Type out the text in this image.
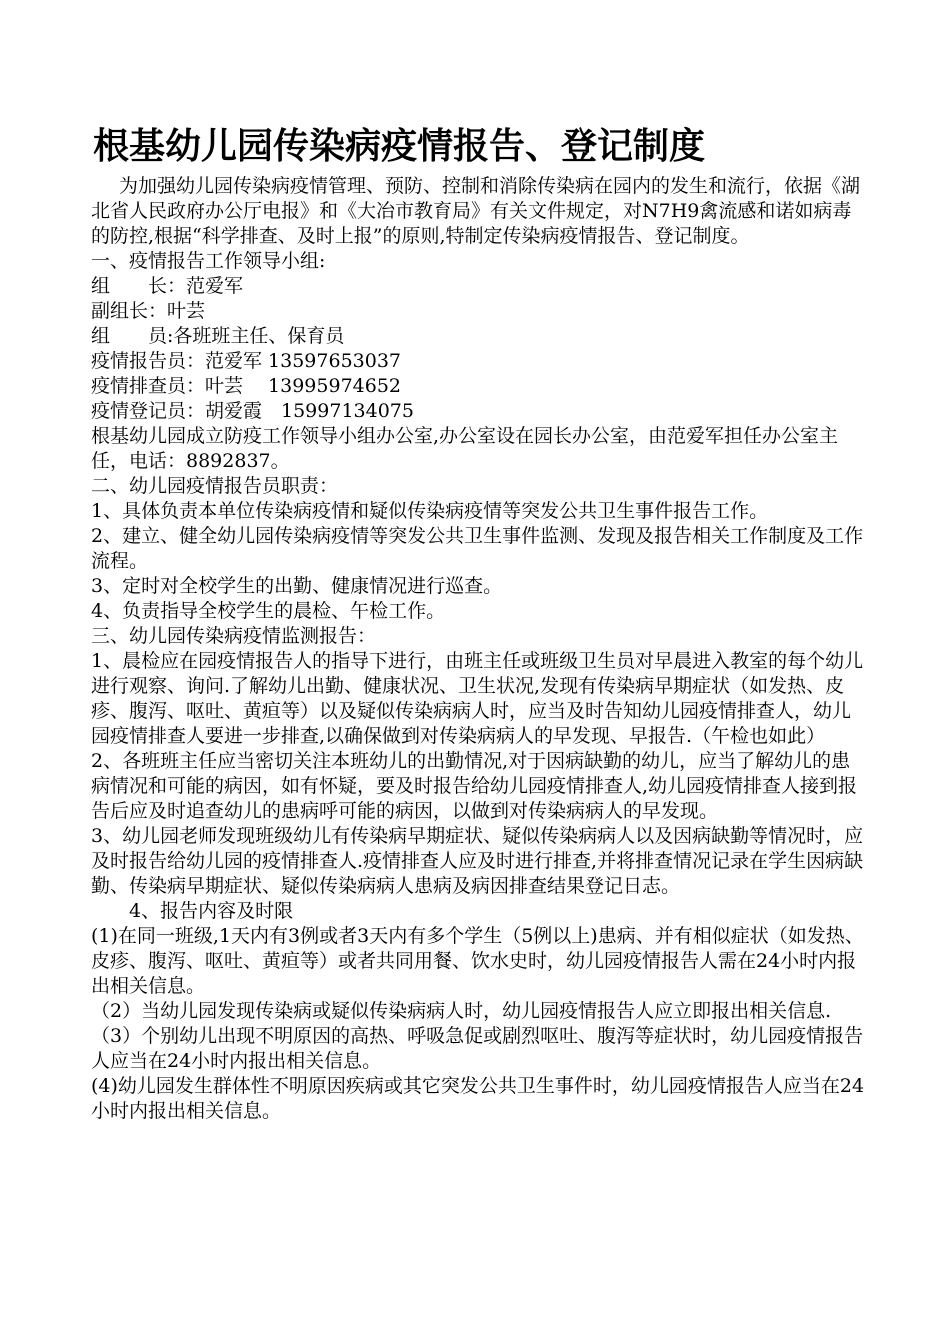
根基幼儿园传染病疫情报告、登记制度

为加强幼儿园传染病疫情管理、预防、控制和消除传染病在园内的发生和流行，依据《湖北省人民政府办公厅电报》和《大冶市教育局》有关文件规定，对N7H9禽流感和诺如病毒的防控,根据“科学排查、及时上报”的原则,特制定传染病疫情报告、登记制度。

一、疫情报告工作领导小组:

组　　长：范爱军

副组长：叶芸

组　　员:各班班主任、保育员

疫情报告员：范爱军 13597653037

疫情排查员：叶芸　 13995974652

疫情登记员：胡爱霞　15997134075

根基幼儿园成立防疫工作领导小组办公室,办公室设在园长办公室，由范爱军担任办公室主任，电话：8892837。

二、幼儿园疫情报告员职责：

1、具体负责本单位传染病疫情和疑似传染病疫情等突发公共卫生事件报告工作。

2、建立、健全幼儿园传染病疫情等突发公共卫生事件监测、发现及报告相关工作制度及工作流程。

3、定时对全校学生的出勤、健康情况进行巡查。

4、负责指导全校学生的晨检、午检工作。

三、幼儿园传染病疫情监测报告：

1、晨检应在园疫情报告人的指导下进行，由班主任或班级卫生员对早晨进入教室的每个幼儿进行观察、询问.了解幼儿出勤、健康状况、卫生状况,发现有传染病早期症状（如发热、皮疹、腹泻、呕吐、黄疸等）以及疑似传染病病人时，应当及时告知幼儿园疫情排查人，幼儿园疫情排查人要进一步排查,以确保做到对传染病病人的早发现、早报告.（午检也如此）

2、各班班主任应当密切关注本班幼儿的出勤情况,对于因病缺勤的幼儿，应当了解幼儿的患病情况和可能的病因，如有怀疑，要及时报告给幼儿园疫情排查人,幼儿园疫情排查人接到报告后应及时追查幼儿的患病呼可能的病因，以做到对传染病病人的早发现。

3、幼儿园老师发现班级幼儿有传染病早期症状、疑似传染病病人以及因病缺勤等情况时，应及时报告给幼儿园的疫情排查人.疫情排查人应及时进行排查,并将排查情况记录在学生因病缺勤、传染病早期症状、疑似传染病病人患病及病因排查结果登记日志。

4、报告内容及时限

(1)在同一班级,1天内有3例或者3天内有多个学生（5例以上)患病、并有相似症状（如发热、皮疹、腹泻、呕吐、黄疸等）或者共同用餐、饮水史时，幼儿园疫情报告人需在24小时内报出相关信息。

（2）当幼儿园发现传染病或疑似传染病病人时，幼儿园疫情报告人应立即报出相关信息.

（3）个别幼儿出现不明原因的高热、呼吸急促或剧烈呕吐、腹泻等症状时，幼儿园疫情报告人应当在24小时内报出相关信息。

(4)幼儿园发生群体性不明原因疾病或其它突发公共卫生事件时，幼儿园疫情报告人应当在24小时内报出相关信息。
